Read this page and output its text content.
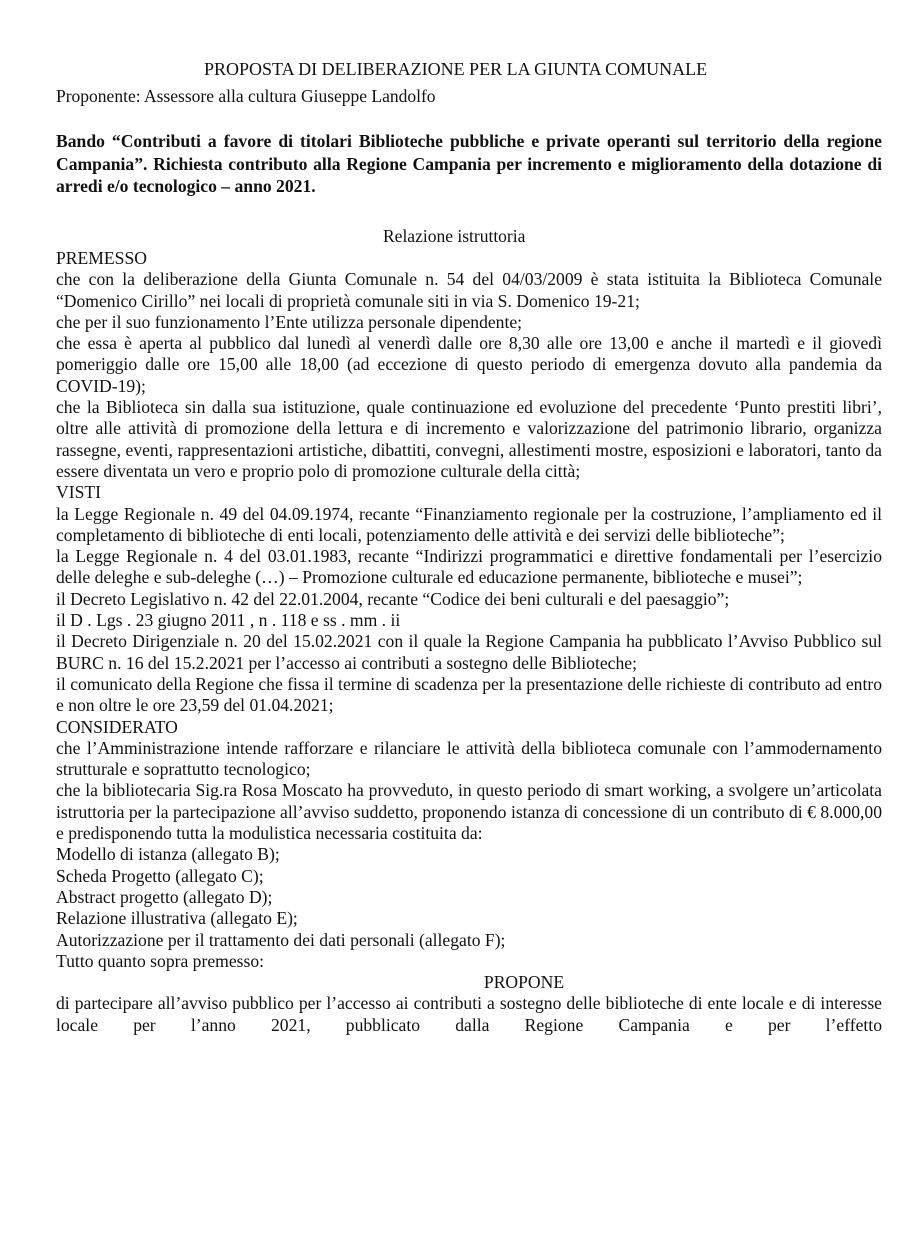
PROPOSTA DI DELIBERAZIONE PER LA GIUNTA COMUNALE
Proponente: Assessore alla cultura Giuseppe Landolfo
Bando “Contributi a favore di titolari Biblioteche pubbliche e private operanti sul territorio della regione Campania”. Richiesta contributo alla Regione Campania per incremento e miglioramento della dotazione di arredi e/o tecnologico – anno 2021.
Relazione istruttoria

PREMESSO

che con la deliberazione della Giunta Comunale n. 54 del 04/03/2009 è stata istituita la Biblioteca Comunale “Domenico Cirillo” nei locali di proprietà comunale siti in via S. Domenico 19-21;

che per il suo funzionamento l’Ente utilizza personale dipendente;

che essa è aperta al pubblico dal lunedì al venerdì dalle ore 8,30 alle ore 13,00 e anche il martedì e il giovedì pomeriggio dalle ore 15,00 alle 18,00 (ad eccezione di questo periodo di emergenza dovuto alla pandemia da COVID-19);

che la Biblioteca sin dalla sua istituzione, quale continuazione ed evoluzione del precedente ‘Punto prestiti libri’, oltre alle attività di promozione della lettura e di incremento e valorizzazione del patrimonio librario, organizza rassegne, eventi, rappresentazioni artistiche, dibattiti, convegni, allestimenti mostre, esposizioni e laboratori, tanto da essere diventata un vero e proprio polo di promozione culturale della città;

VISTI

la Legge Regionale n. 49 del 04.09.1974, recante “Finanziamento regionale per la costruzione, l’ampliamento ed il completamento di biblioteche di enti locali, potenziamento delle attività e dei servizi delle biblioteche”;

la Legge Regionale n. 4 del 03.01.1983, recante “Indirizzi programmatici e direttive fondamentali per l’esercizio delle deleghe e sub-deleghe (…) – Promozione culturale ed educazione permanente, biblioteche e musei”;

il Decreto Legislativo n. 42 del 22.01.2004, recante “Codice dei beni culturali e del paesaggio”;

il D . Lgs . 23 giugno 2011 , n . 118 e ss . mm . ii

il Decreto Dirigenziale n. 20 del 15.02.2021 con il quale la Regione Campania ha pubblicato l’Avviso Pubblico sul BURC n. 16 del 15.2.2021 per l’accesso ai contributi a sostegno delle Biblioteche;

il comunicato della Regione che fissa il termine di scadenza per la presentazione delle richieste di contributo ad entro e non oltre le ore 23,59 del 01.04.2021;

CONSIDERATO

che l’Amministrazione intende rafforzare e rilanciare le attività della biblioteca comunale con l’ammodernamento strutturale e soprattutto tecnologico;

che la bibliotecaria Sig.ra Rosa Moscato ha provveduto, in questo periodo di smart working, a svolgere un’articolata istruttoria per la partecipazione all’avviso suddetto, proponendo istanza di concessione di un contributo di € 8.000,00 e predisponendo tutta la modulistica necessaria costituita da:

Modello di istanza (allegato B);

Scheda Progetto (allegato C);

Abstract progetto (allegato D);

Relazione illustrativa (allegato E);

Autorizzazione per il trattamento dei dati personali (allegato F);

Tutto quanto sopra premesso:

PROPONE

di partecipare all’avviso pubblico per l’accesso ai contributi a sostegno delle biblioteche di ente locale e di interesse locale per l’anno 2021, pubblicato dalla Regione Campania e per l’effetto
